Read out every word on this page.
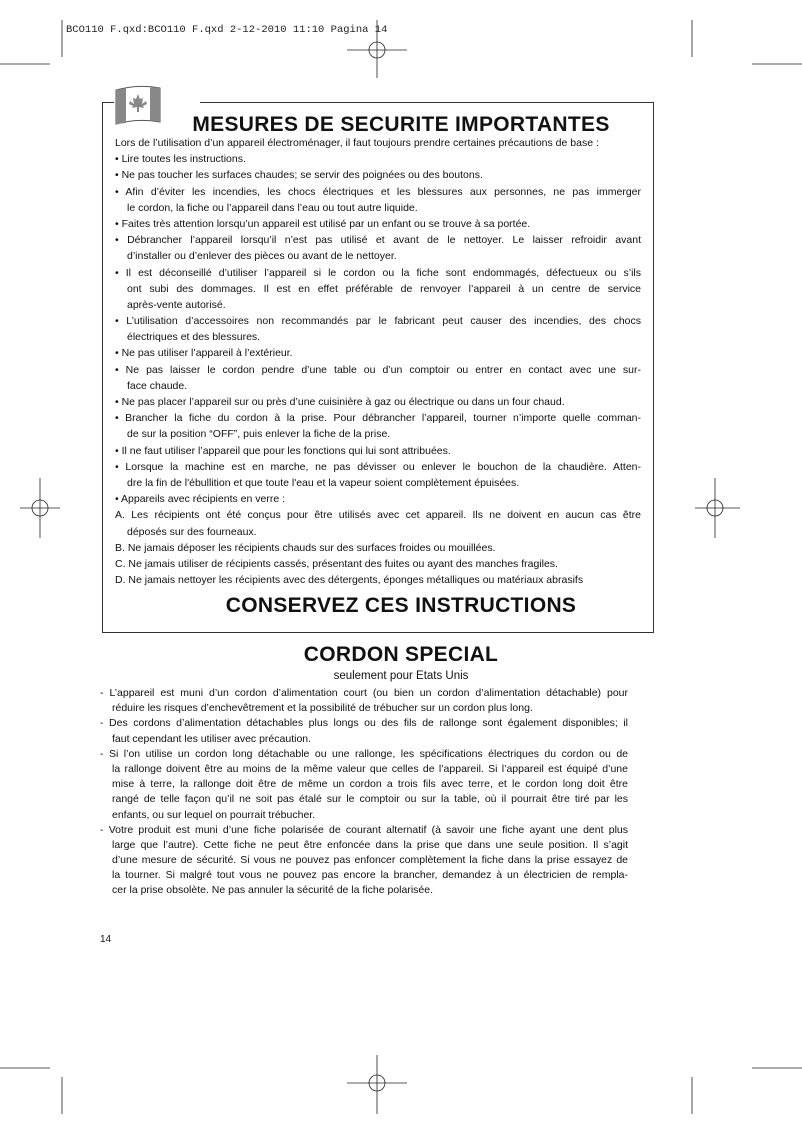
BCO110 F.qxd:BCO110 F.qxd 2-12-2010 11:10 Pagina 14
MESURES DE SECURITE IMPORTANTES
Lors de l’utilisation d’un appareil électroménager, il faut toujours prendre certaines précautions de base :
• Lire toutes les instructions.
• Ne pas toucher les surfaces chaudes; se servir des poignées ou des boutons.
• Afin d’éviter les incendies, les chocs électriques et les blessures aux personnes, ne pas immerger
le cordon, la fiche ou l’appareil dans l’eau ou tout autre liquide.
• Faites très attention lorsqu’un appareil est utilisé par un enfant ou se trouve à sa portée.
• Débrancher l’appareil lorsqu’il n’est pas utilisé et avant de le nettoyer. Le laisser refroidir avant
d’installer ou d’enlever des pièces ou avant de le nettoyer.
• Il est déconseillé d’utiliser l’appareil si le cordon ou la fiche sont endommagés, défectueux ou s’ils
ont subi des dommages. Il est en effet préférable de renvoyer l’appareil à un centre de service
après-vente autorisé.
• L’utilisation d’accessoires non recommandés par le fabricant peut causer des incendies, des chocs
électriques et des blessures.
• Ne pas utiliser l’appareil à l’extérieur.
• Ne pas laisser le cordon pendre d’une table ou d’un comptoir ou entrer en contact avec une sur-
face chaude.
• Ne pas placer l’appareil sur ou près d’une cuisinière à gaz ou électrique ou dans un four chaud.
• Brancher la fiche du cordon à la prise. Pour débrancher l’appareil, tourner n’importe quelle comman-
de sur la position “OFF”, puis enlever la fiche de la prise.
• Il ne faut utiliser l’appareil que pour les fonctions qui lui sont attribuées.
• Lorsque la machine est en marche, ne pas dévisser ou enlever le bouchon de la chaudière. Atten-
dre la fin de l'ébullition et que toute l'eau et la vapeur soient complètement épuisées.
• Appareils avec récipients en verre :
A. Les récipients ont été conçus pour être utilisés avec cet appareil. Ils ne doivent en aucun cas être
déposés sur des fourneaux.
B. Ne jamais déposer les récipients chauds sur des surfaces froides ou mouillées.
C. Ne jamais utiliser de récipients cassés, présentant des fuites ou ayant des manches fragiles.
D. Ne jamais nettoyer les récipients avec des détergents, éponges métalliques ou matériaux abrasifs
CONSERVEZ CES INSTRUCTIONS
CORDON SPECIAL
seulement pour Etats Unis
- L’appareil est muni d’un cordon d’alimentation court (ou bien un cordon d’alimentation détachable) pour
réduire les risques d’enchevêtrement et la possibilité de trébucher sur un cordon plus long.
- Des cordons d’alimentation détachables plus longs ou des fils de rallonge sont également disponibles; il
faut cependant les utiliser avec précaution.
- Si l’on utilise un cordon long détachable ou une rallonge, les spécifications électriques du cordon ou de
la rallonge doivent être au moins de la même valeur que celles de l’appareil. Si l’appareil est équipé d’une
mise à terre, la rallonge doit être de même un cordon a trois fils avec terre, et le cordon long doit être
rangé de telle façon qu’il ne soit pas étalé sur le comptoir ou sur la table, où il pourrait être tiré par les
enfants, ou sur lequel on pourrait trébucher.
- Votre produit est muni d’une fiche polarisée de courant alternatif (à savoir une fiche ayant une dent plus
large que l’autre). Cette fiche ne peut être enfoncée dans la prise que dans une seule position. Il s’agit
d’une mesure de sécurité. Si vous ne pouvez pas enfoncer complètement la fiche dans la prise essayez de
la tourner. Si malgré tout vous ne pouvez pas encore la brancher, demandez à un électricien de rempla-
cer la prise obsolète. Ne pas annuler la sécurité de la fiche polarisée.
14
